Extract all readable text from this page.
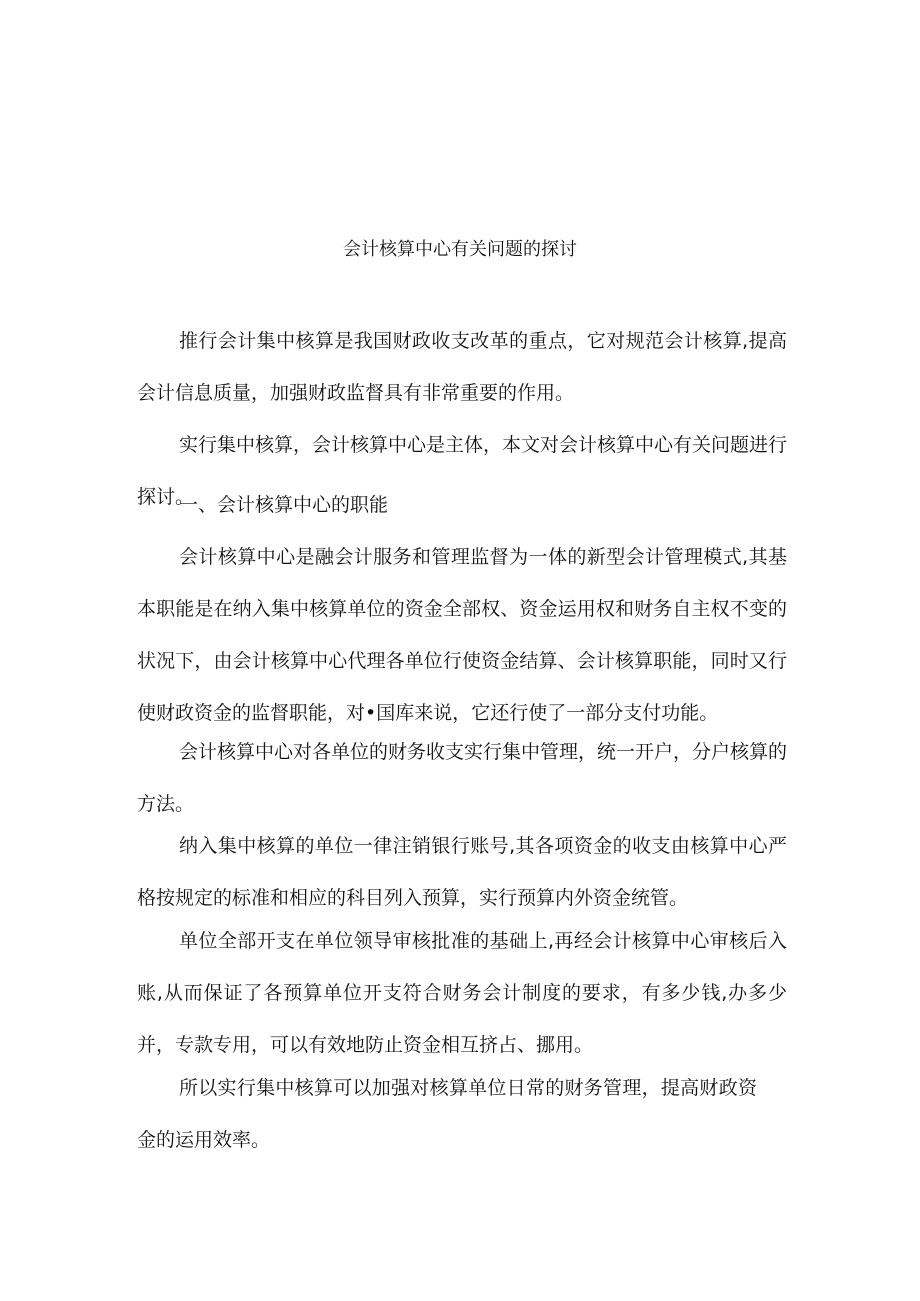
会计核算中心有关问题的探讨

推行会计集中核算是我国财政收支改革的重点，它对规范会计核算,提高会计信息质量，加强财政监督具有非常重要的作用。

实行集中核算，会计核算中心是主体，本文对会计核算中心有关问题进行探讨。

一、会计核算中心的职能

会计核算中心是融会计服务和管理监督为一体的新型会计管理模式,其基本职能是在纳入集中核算单位的资金全部权、资金运用权和财务自主权不变的状况下，由会计核算中心代理各单位行使资金结算、会计核算职能，同时又行使财政资金的监督职能，对•国库来说，它还行使了一部分支付功能。

会计核算中心对各单位的财务收支实行集中管理，统一开户，分户核算的方法。

纳入集中核算的单位一律注销银行账号,其各项资金的收支由核算中心严格按规定的标准和相应的科目列入预算，实行预算内外资金统管。

单位全部开支在单位领导审核批准的基础上,再经会计核算中心审核后入账,从而保证了各预算单位开支符合财务会计制度的要求，有多少钱,办多少并，专款专用，可以有效地防止资金相互挤占、挪用。

所以实行集中核算可以加强对核算单位日常的财务管理，提高财政资金的运用效率。
